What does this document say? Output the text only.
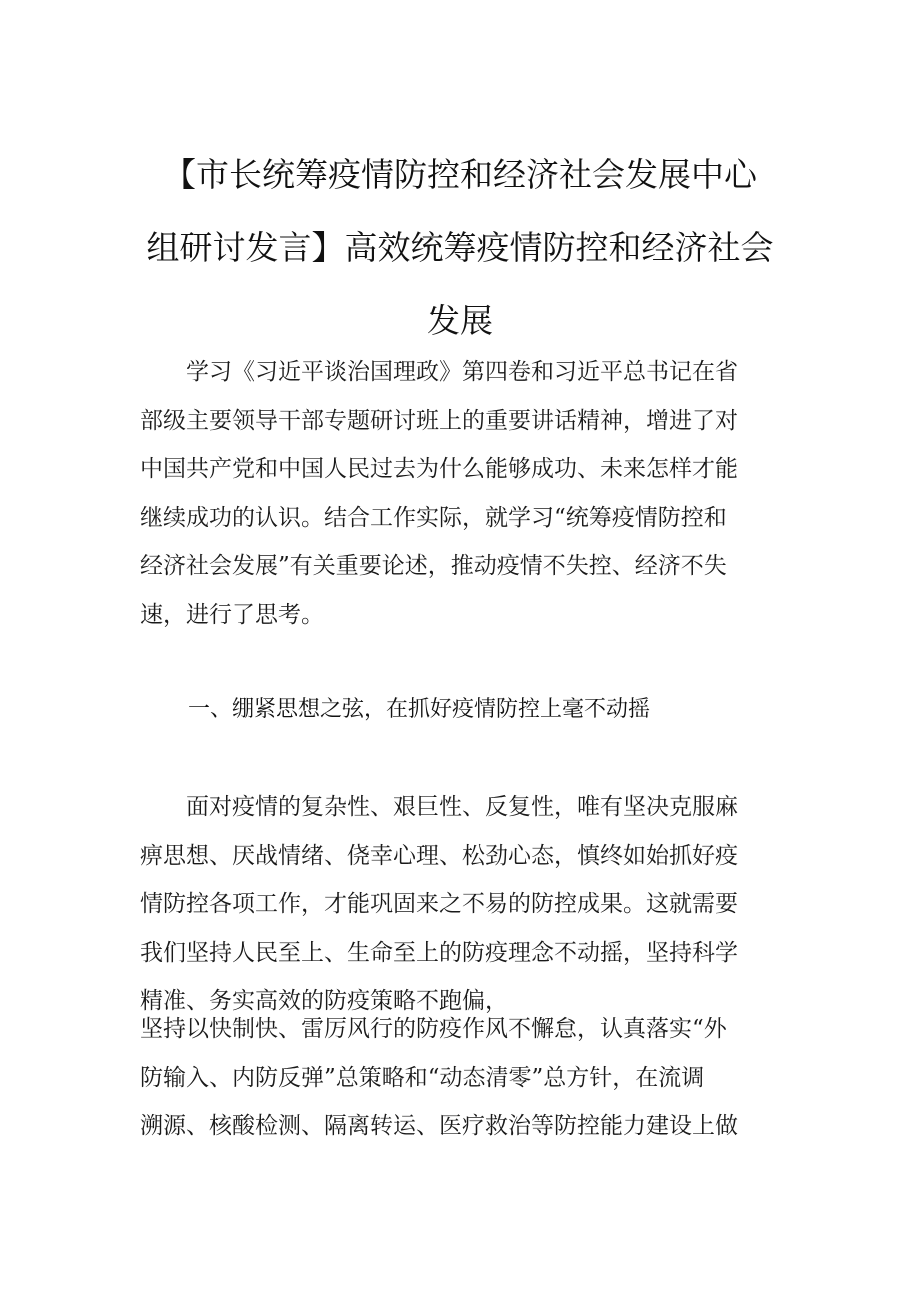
【市长统筹疫情防控和经济社会发展中心
组研讨发言】高效统筹疫情防控和经济社会
发展
学习《习近平谈治国理政》第四卷和习近平总书记在省
部级主要领导干部专题研讨班上的重要讲话精神，增进了对
中国共产党和中国人民过去为什么能够成功、未来怎样才能
继续成功的认识。结合工作实际，就学习“统筹疫情防控和
经济社会发展”有关重要论述，推动疫情不失控、经济不失
速，进行了思考。
一、绷紧思想之弦，在抓好疫情防控上毫不动摇
面对疫情的复杂性、艰巨性、反复性，唯有坚决克服麻
痹思想、厌战情绪、侥幸心理、松劲心态，慎终如始抓好疫
情防控各项工作，才能巩固来之不易的防控成果。这就需要
我们坚持人民至上、生命至上的防疫理念不动摇，坚持科学
精准、务实高效的防疫策略不跑偏，
坚持以快制快、雷厉风行的防疫作风不懈怠，认真落实“外
防输入、内防反弹”总策略和“动态清零”总方针，在流调
溯源、核酸检测、隔离转运、医疗救治等防控能力建设上做
